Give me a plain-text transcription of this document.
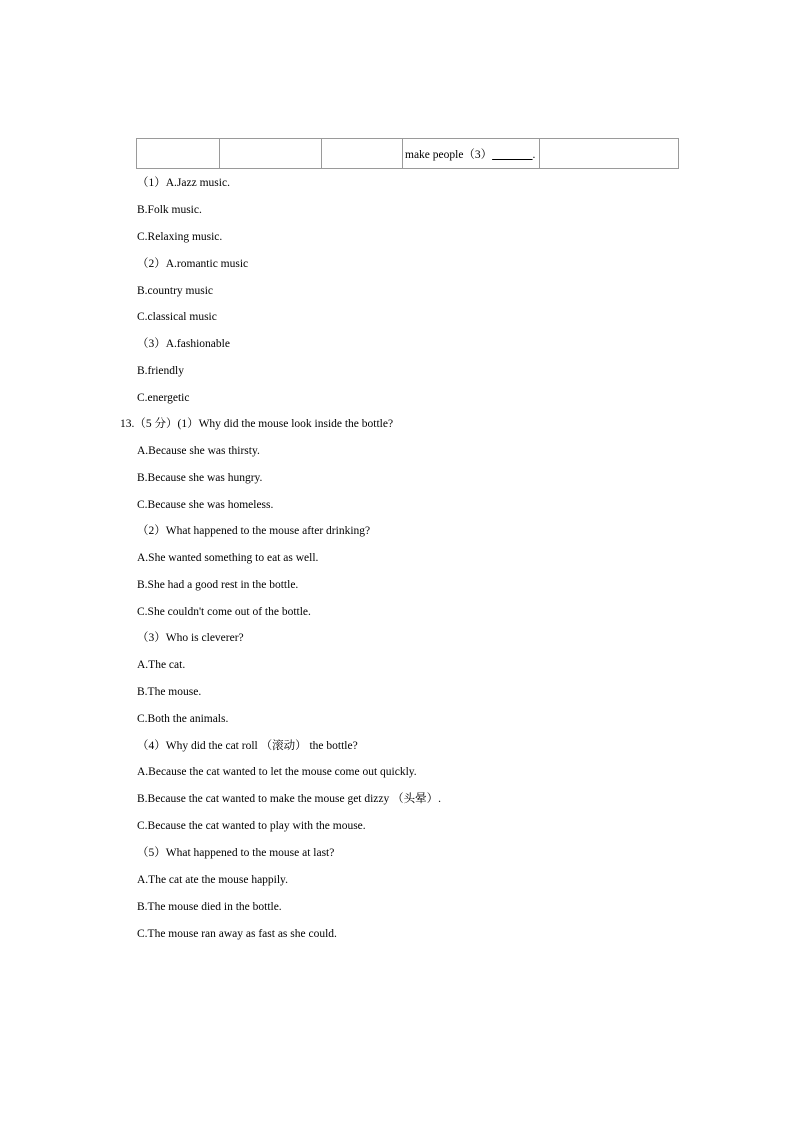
			make people（3）_______.	
（1）A.Jazz music.
B.Folk music.
C.Relaxing music.
（2）A.romantic music
B.country music
C.classical music
（3）A.fashionable
B.friendly
C.energetic
13.（5 分）(1）Why did the mouse look inside the bottle?
A.Because she was thirsty.
B.Because she was hungry.
C.Because she was homeless.
（2）What happened to the mouse after drinking?
A.She wanted something to eat as well.
B.She had a good rest in the bottle.
C.She couldn't come out of the bottle.
（3）Who is cleverer?
A.The cat.
B.The mouse.
C.Both the animals.
（4）Why did the cat roll （滚动） the bottle?
A.Because the cat wanted to let the mouse come out quickly.
B.Because the cat wanted to make the mouse get dizzy （头晕）.
C.Because the cat wanted to play with the mouse.
（5）What happened to the mouse at last?
A.The cat ate the mouse happily.
B.The mouse died in the bottle.
C.The mouse ran away as fast as she could.
